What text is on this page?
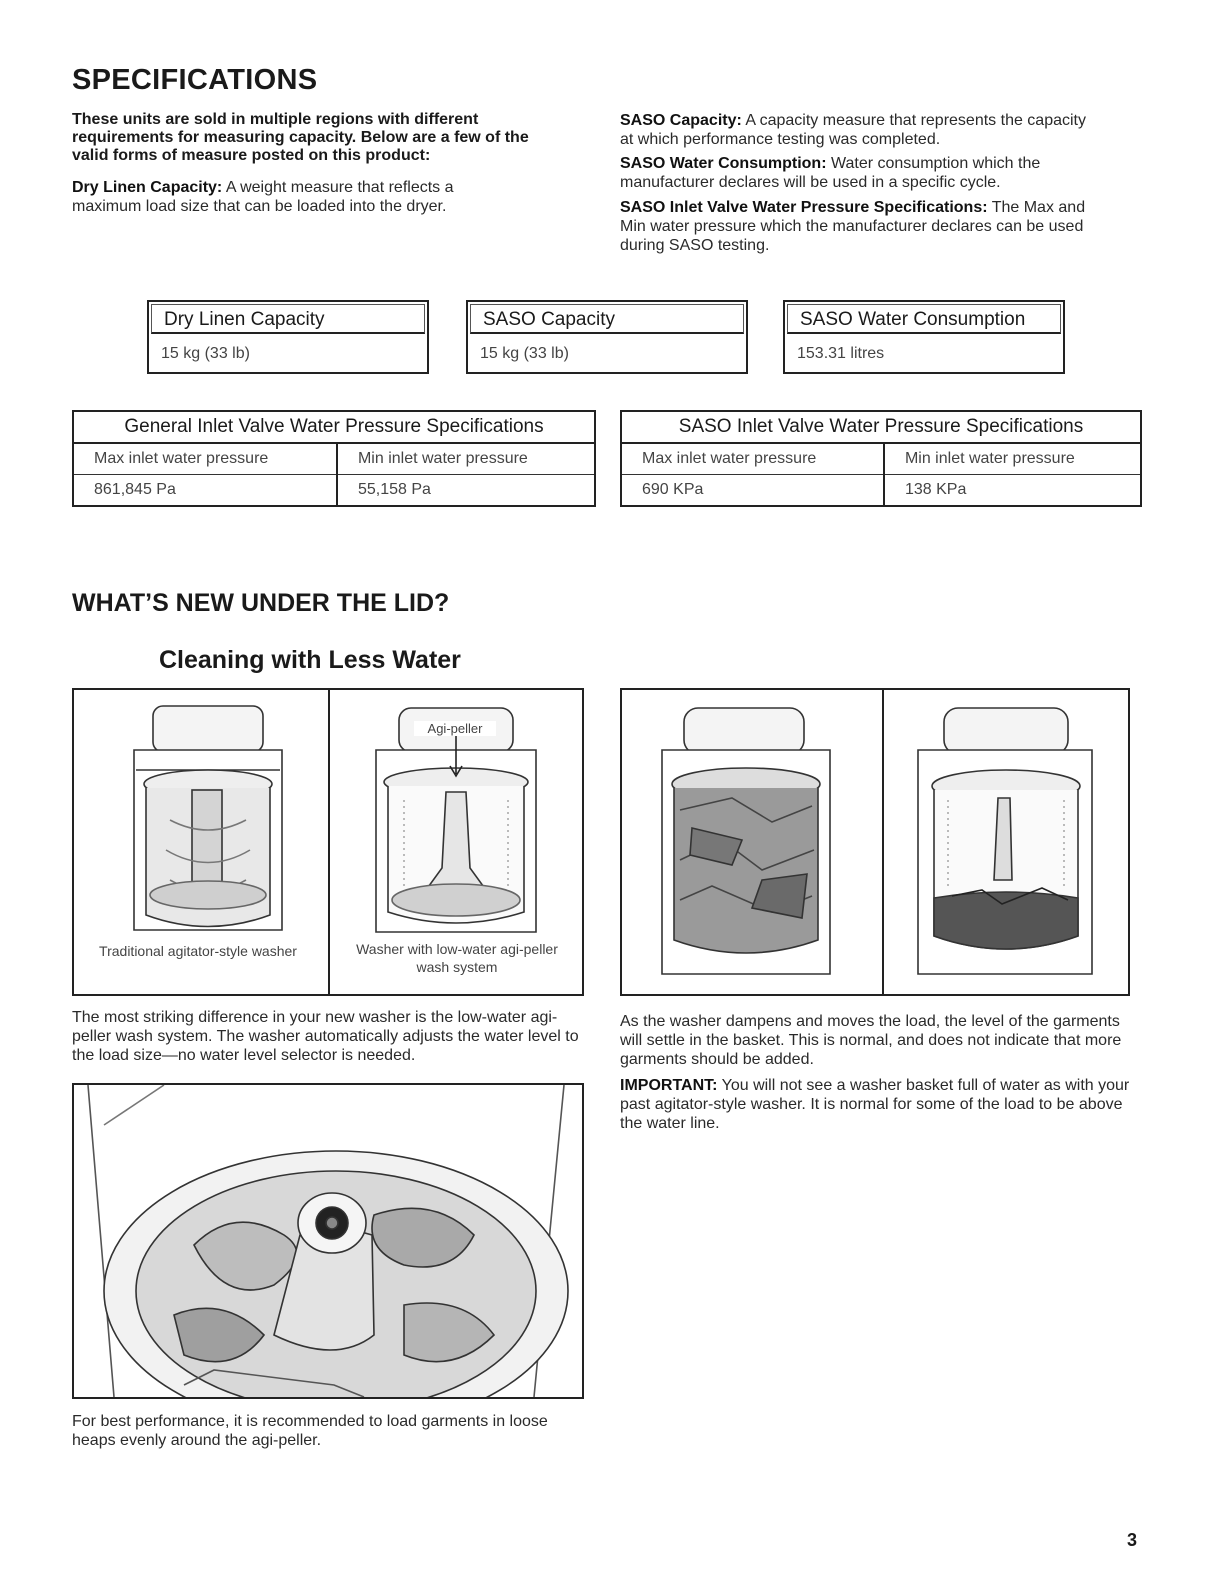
SPECIFICATIONS
These units are sold in multiple regions with different requirements for measuring capacity. Below are a few of the valid forms of measure posted on this product:
Dry Linen Capacity: A weight measure that reflects a maximum load size that can be loaded into the dryer.
SASO Capacity: A capacity measure that represents the capacity at which performance testing was completed.
SASO Water Consumption: Water consumption which the manufacturer declares will be used in a specific cycle.
SASO Inlet Valve Water Pressure Specifications: The Max and Min water pressure which the manufacturer declares can be used during SASO testing.
Dry Linen Capacity
15 kg (33 lb)
SASO Capacity
15 kg (33 lb)
SASO Water Consumption
153.31 litres
General Inlet Valve Water Pressure Specifications	
Max inlet water pressure	Min inlet water pressure
861,845 Pa	55,158 Pa
SASO Inlet Valve Water Pressure Specifications	
Max inlet water pressure	Min inlet water pressure
690 KPa	138 KPa
WHAT’S NEW UNDER THE LID?
Cleaning with Less Water
Agi-peller
Traditional agitator-style washer	Washer with low-water agi-peller wash system
The most striking difference in your new washer is the low-water agi-peller wash system. The washer automatically adjusts the water level to the load size—no water level selector is needed.
As the washer dampens and moves the load, the level of the garments will settle in the basket. This is normal, and does not indicate that more garments should be added.
IMPORTANT: You will not see a washer basket full of water as with your past agitator-style washer. It is normal for some of the load to be above the water line.
For best performance, it is recommended to load garments in loose heaps evenly around the agi-peller.
3
